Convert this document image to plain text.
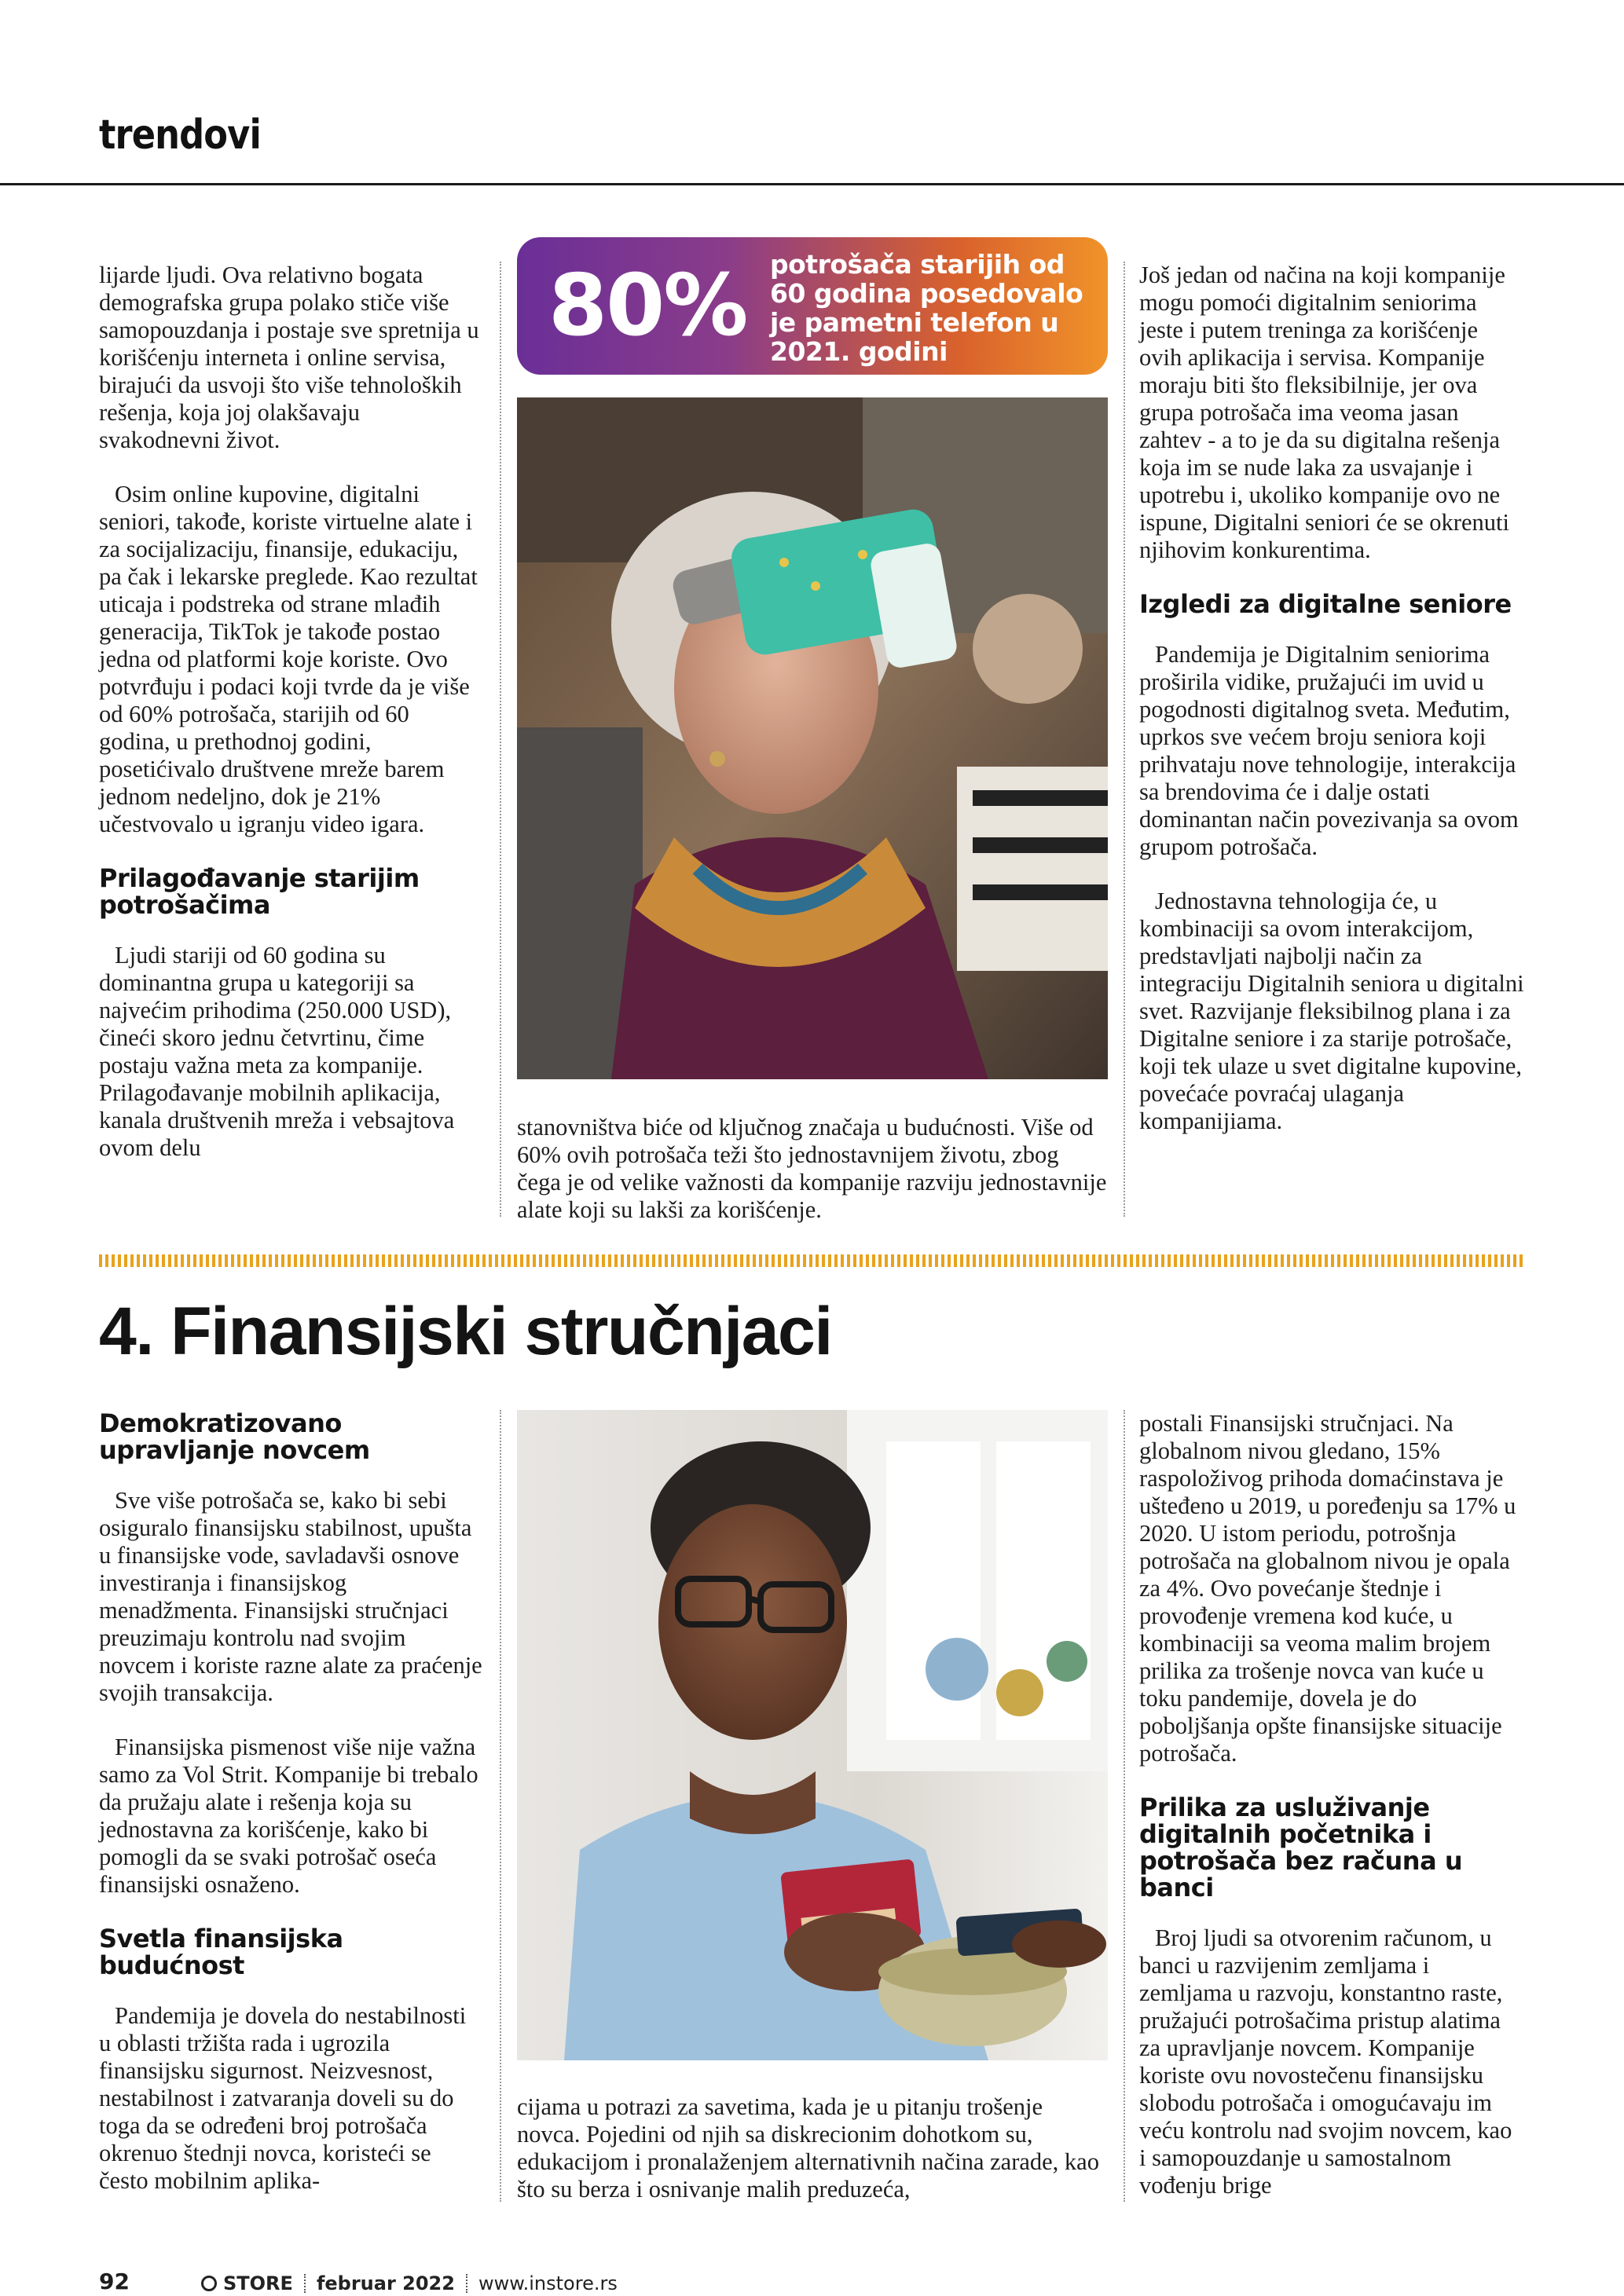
trendovi

lijarde ljudi. Ova relativno bogata demografska grupa polako stiče više samopouzdanja i postaje sve spretnija u korišćenju interneta i online servisa, birajući da usvoji što više tehnoloških rešenja, koja joj olakšavaju svakodnevni život.

Osim online kupovine, digitalni seniori, takođe, koriste virtuelne alate i za socijalizaciju, finansije, edukaciju, pa čak i lekarske preglede. Kao rezultat uticaja i podstreka od strane mlađih generacija, TikTok je takođe postao jedna od platformi koje koriste. Ovo potvrđuju i podaci koji tvrde da je više od 60% potrošača, starijih od 60 godina, u prethodnoj godini, posetićivalo društvene mreže barem jednom nedeljno, dok je 21% učestvovalo u igranju video igara.

Prilagođavanje starijim potrošačima

Ljudi stariji od 60 godina su dominantna grupa u kategoriji sa najvećim prihodima (250.000 USD), čineći skoro jednu četvrtinu, čime postaju važna meta za kompanije. Prilagođavanje mobilnih aplikacija, kanala društvenih mreža i vebsajtova ovom delu

80% potrošača starijih od 60 godina posedovalo je pametni telefon u 2021. godini
stanovništva biće od ključnog značaja u budućnosti. Više od 60% ovih potrošača teži što jednostavnijem životu, zbog čega je od velike važnosti da kompanije razviju jednostavnije alate koji su lakši za korišćenje.

Još jedan od načina na koji kompanije mogu pomoći digitalnim seniorima jeste i putem treninga za korišćenje ovih aplikacija i servisa. Kompanije moraju biti što fleksibilnije, jer ova grupa potrošača ima veoma jasan zahtev - a to je da su digitalna rešenja koja im se nude laka za usvajanje i upotrebu i, ukoliko kompanije ovo ne ispune, Digitalni seniori će se okrenuti njihovim konkurentima.

Izgledi za digitalne seniore

Pandemija je Digitalnim seniorima proširila vidike, pružajući im uvid u pogodnosti digitalnog sveta. Međutim, uprkos sve većem broju seniora koji prihvataju nove tehnologije, interakcija sa brendovima će i dalje ostati dominantan način povezivanja sa ovom grupom potrošača.

Jednostavna tehnologija će, u kombinaciji sa ovom interakcijom, predstavljati najbolji način za integraciju Digitalnih seniora u digitalni svet. Razvijanje fleksibilnog plana i za Digitalne seniore i za starije potrošače, koji tek ulaze u svet digitalne kupovine, povećaće povraćaj ulaganja kompanijiama.

4. Finansijski stručnjaci
Demokratizovano upravljanje novcem

Sve više potrošača se, kako bi sebi osiguralo finansijsku stabilnost, upušta u finansijske vode, savladavši osnove investiranja i finansijskog menadžmenta. Finansijski stručnjaci preuzimaju kontrolu nad svojim novcem i koriste razne alate za praćenje svojih transakcija.

Finansijska pismenost više nije važna samo za Vol Strit. Kompanije bi trebalo da pružaju alate i rešenja koja su jednostavna za korišćenje, kako bi pomogli da se svaki potrošač oseća finansijski osnaženo.

Svetla finansijska budućnost

Pandemija je dovela do nestabilnosti u oblasti tržišta rada i ugrozila finansijsku sigurnost. Neizvesnost, nestabilnost i zatvaranja doveli su do toga da se određeni broj potrošača okrenuo štednji novca, koristeći se često mobilnim aplika-

cijama u potrazi za savetima, kada je u pitanju trošenje novca. Pojedini od njih sa diskrecionim dohotkom su, edukacijom i pronalaženjem alternativnih načina zarade, kao što su berza i osnivanje malih preduzeća,

postali Finansijski stručnjaci. Na globalnom nivou gledano, 15% raspoloživog prihoda domaćinstava je ušteđeno u 2019, u poređenju sa 17% u 2020. U istom periodu, potrošnja potrošača na globalnom nivou je opala za 4%. Ovo povećanje štednje i provođenje vremena kod kuće, u kombinaciji sa veoma malim brojem prilika za trošenje novca van kuće u toku pandemije, dovela je do poboljšanja opšte finansijske situacije potrošača.

Prilika za usluživanje digitalnih početnika i potrošača bez računa u banci

Broj ljudi sa otvorenim računom, u banci u razvijenim zemljama i zemljama u razvoju, konstantno raste, pružajući potrošačima pristup alatima za upravljanje novcem. Kompanije koriste ovu novostečenu finansijsku slobodu potrošača i omogućavaju im veću kontrolu nad svojim novcem, kao i samopouzdanje u samostalnom vođenju brige

92	STORE februar 2022 www.instore.rs
